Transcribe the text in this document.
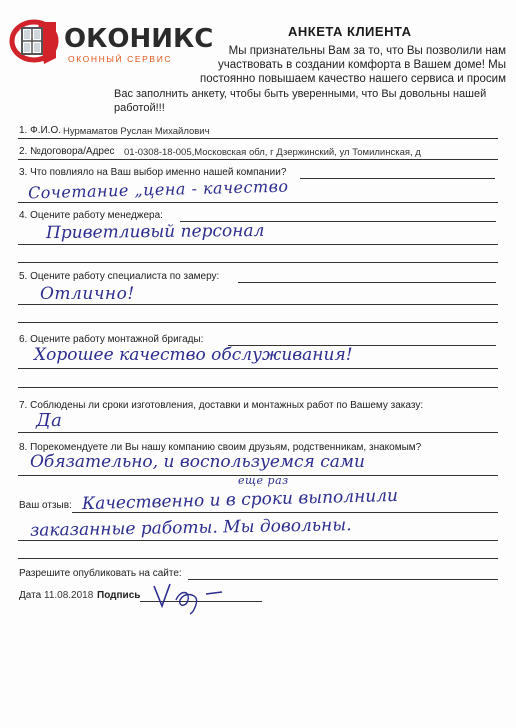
ОКОНИКС
ОКОННЫЙ СЕРВИС
АНКЕТА КЛИЕНТА
Мы признательны Вам за то, что Вы позволили нам
участвовать в создании комфорта в Вашем доме! Мы
постоянно повышаем качество нашего сервиса и просим
Вас заполнить анкету, чтобы быть уверенными, что Вы довольны нашей работой!!!
1. Ф.И.О. Нурмаматов Руслан Михайлович
2. №договора/Адрес 01-0308-18-005,Московская обл, г Дзержинский, ул Томилинская, д
3. Что повлияло на Ваш выбор именно нашей компании?
Сочетание „цена - качество
4. Оцените работу менеджера:
Приветливый персонал
5. Оцените работу специалиста по замеру:
Отлично!
6. Оцените работу монтажной бригады:
Хорошее качество обслуживания!
7. Соблюдены ли сроки изготовления, доставки и монтажных работ по Вашему заказу:
Да
8. Порекомендуете ли Вы нашу компанию своим друзьям, родственникам, знакомым?
Обязательно, и воспользуемся сами
еще раз
Ваш отзыв: Качественно и в сроки выполнили
заказанные работы. Мы довольны.
Разрешите опубликовать на сайте:
Дата 11.08.2018 Подпись
